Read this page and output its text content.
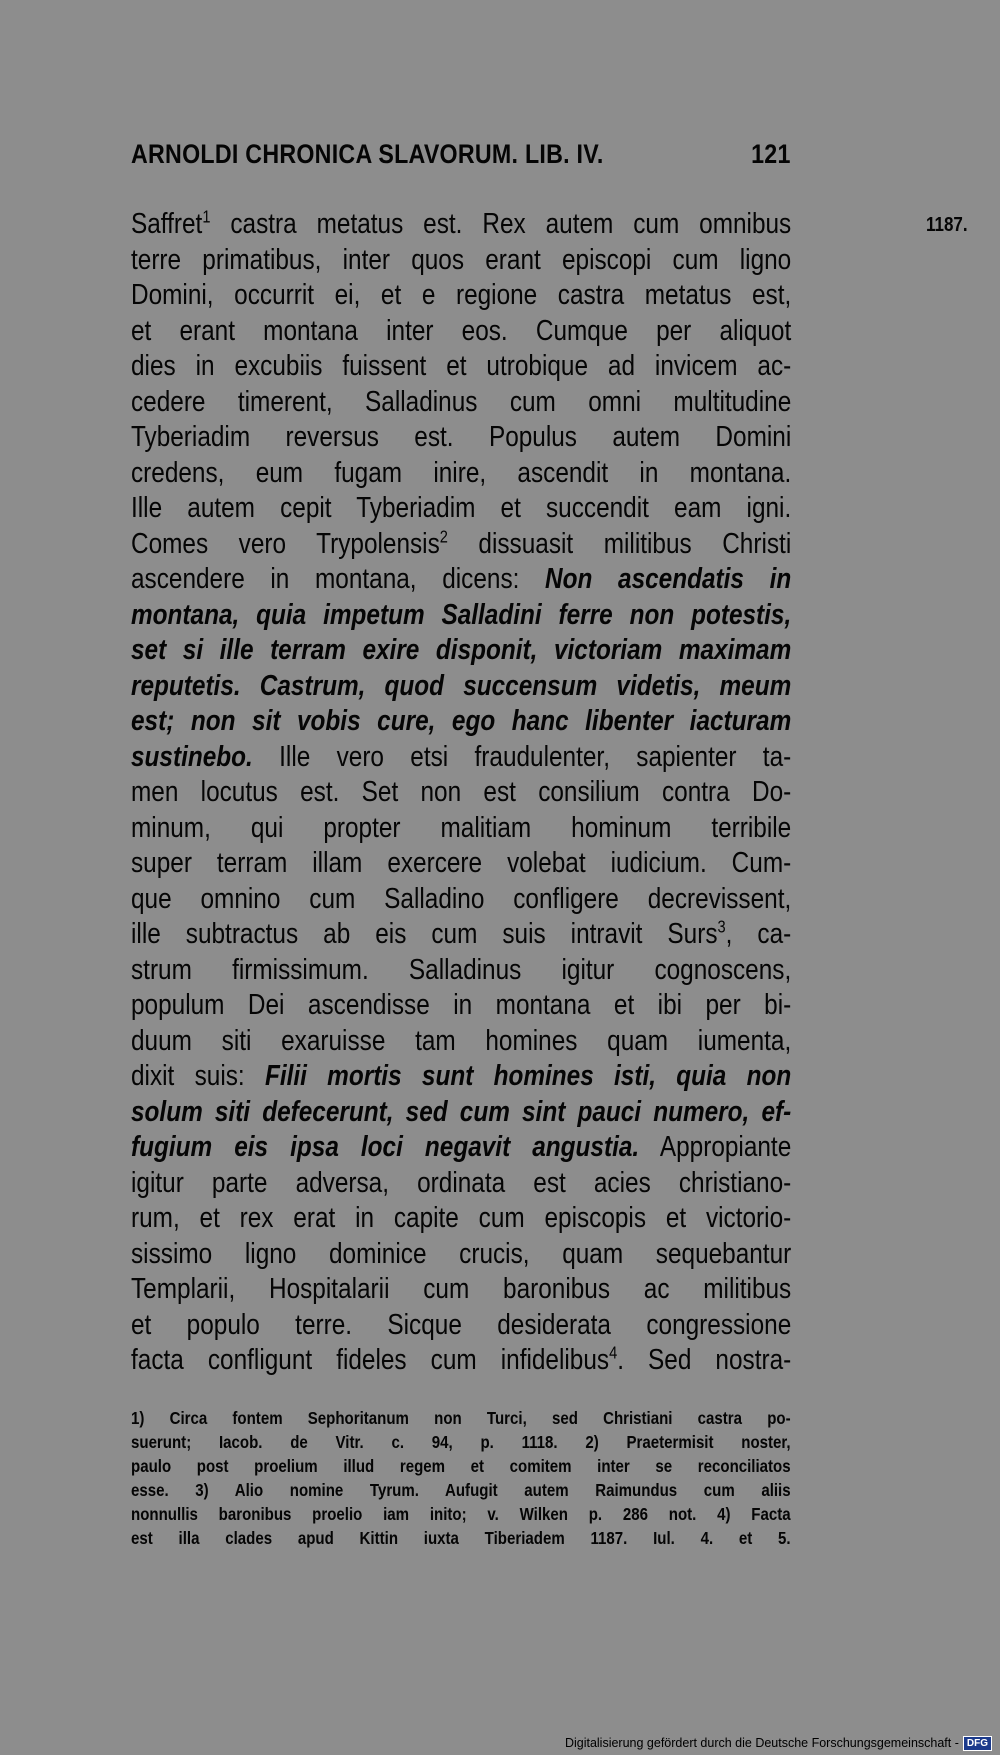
ARNOLDI CHRONICA SLAVORUM. LIB. IV.	121
Saffret$^1$ castra metatus est. Rex autem cum omnibus
terre primatibus, inter quos erant episcopi cum ligno
Domini, occurrit ei, et e regione castra metatus est,
et erant montana inter eos. Cumque per aliquot
dies in excubiis fuissent et utrobique ad invicem ac-
cedere timerent, Salladinus cum omni multitudine
Tyberiadim reversus est. Populus autem Domini
credens, eum fugam inire, ascendit in montana.
Ille autem cepit Tyberiadim et succendit eam igni.
Comes vero Trypolensis$^2$ dissuasit militibus Christi
ascendere in montana, dicens: Non ascendatis in
montana, quia impetum Salladini ferre non potestis,
set si ille terram exire disponit, victoriam maximam
reputetis. Castrum, quod succensum videtis, meum
est; non sit vobis cure, ego hanc libenter iacturam
sustinebo. Ille vero etsi fraudulenter, sapienter ta-
men locutus est. Set non est consilium contra Do-
minum, qui propter malitiam hominum terribile
super terram illam exercere volebat iudicium. Cum-
que omnino cum Salladino confligere decrevissent,
ille subtractus ab eis cum suis intravit Surs$^3$, ca-
strum firmissimum. Salladinus igitur cognoscens,
populum Dei ascendisse in montana et ibi per bi-
duum siti exaruisse tam homines quam iumenta,
dixit suis: Filii mortis sunt homines isti, quia non
solum siti defecerunt, sed cum sint pauci numero, ef-
fugium eis ipsa loci negavit angustia. Appropiante
igitur parte adversa, ordinata est acies christiano-
rum, et rex erat in capite cum episcopis et victorio-
sissimo ligno dominice crucis, quam sequebantur
Templarii, Hospitalarii cum baronibus ac militibus
et populo terre. Sicque desiderata congressione
facta confligunt fideles cum infidelibus$^4$. Sed nostra-
1187.
1) Circa fontem Sephoritanum non Turci, sed Christiani castra po-
suerunt; Iacob. de Vitr. c. 94, p. 1118. 2) Praetermisit noster,
paulo post proelium illud regem et comitem inter se reconciliatos
esse. 3) Alio nomine Tyrum. Aufugit autem Raimundus cum aliis
nonnullis baronibus proelio iam inito; v. Wilken p. 286 not. 4) Facta
est illa clades apud Kittin iuxta Tiberiadem 1187. Iul. 4. et 5.
Digitalisierung gefördert durch die Deutsche Forschungsgemeinschaft - DFG
